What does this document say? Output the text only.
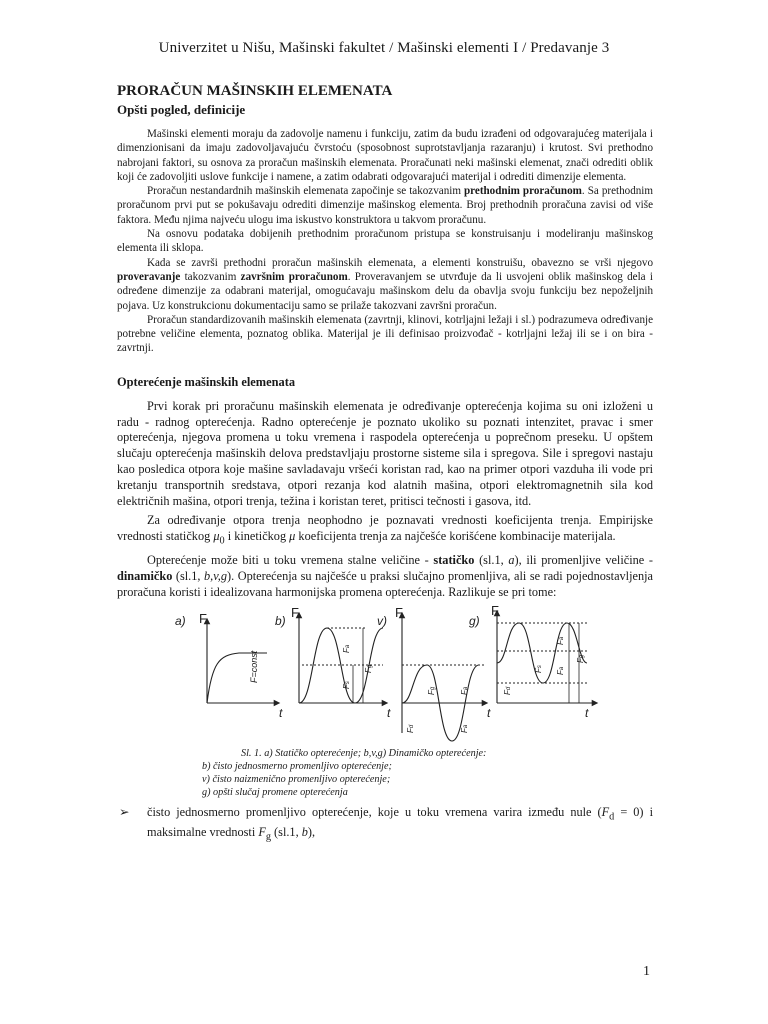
Univerzitet u Nišu, Mašinski fakultet / Mašinski elementi I / Predavanje 3
PRORAČUN MAŠINSKIH ELEMENATA
Opšti pogled, definicije

Mašinski elementi moraju da zadovolje namenu i funkciju, zatim da budu izrađeni od odgovarajućeg materijala i dimenzionisani da imaju zadovoljavajuću čvrstoću (sposobnost suprotstavljanja razaranju) i krutost. Svi prethodno nabrojani faktori, su osnova za proračun mašinskih elemenata. Proračunati neki mašinski elemenat, znači odrediti oblik koji će zadovoljiti uslove funkcije i namene, a zatim odabrati odgovarajući materijal i odrediti dimenzije elementa.

Proračun nestandardnih mašinskih elemenata započinje se takozvanim prethodnim proračunom. Sa prethodnim proračunom prvi put se pokušavaju odrediti dimenzije mašinskog elementa. Broj prethodnih proračuna zavisi od više faktora. Među njima najveću ulogu ima iskustvo konstruktora u takvom proračunu.

Na osnovu podataka dobijenih prethodnim proračunom pristupa se konstruisanju i modeliranju mašinskog elementa ili sklopa.

Kada se završi prethodni proračun mašinskih elemenata, a elementi konstruišu, obavezno se vrši njegovo proveravanje takozvanim završnim proračunom. Proveravanjem se utvrđuje da li usvojeni oblik mašinskog dela i određene dimenzije za odabrani materijal, omogućavaju mašinskom delu da obavlja svoju funkciju bez nepoželjnih pojava. Uz konstrukcionu dokumentaciju samo se prilaže takozvani završni proračun.

Proračun standardizovanih mašinskih elemenata (zavrtnji, klinovi, kotrljajni ležaji i sl.) podrazumeva određivanje potrebne veličine elementa, poznatog oblika. Materijal je ili definisao proizvođač - kotrljajni ležaj ili se i on bira - zavrtnji.

Opterećenje mašinskih elemenata

Prvi korak pri proračunu mašinskih elemenata je određivanje opterećenja kojima su oni izloženi u radu - radnog opterećenja. Radno opterećenje je poznato ukoliko su poznati intenzitet, pravac i smer opterećenja, njegova promena u toku vremena i raspodela opterećenja u poprečnom preseku. U opštem slučaju opterećenja mašinskih delova predstavljaju prostorne sisteme sila i spregova. Sile i spregovi nastaju kao posledica otpora koje mašine savladavaju vršeći koristan rad, kao na primer otpori vazduha ili vode pri kretanju transportnih sredstava, otpori rezanja kod alatnih mašina, otpori elektromagnetnih sila kod električnih mašina, otpori trenja, težina i koristan teret, pritisci tečnosti i gasova, itd.

Za određivanje otpora trenja neophodno je poznavati vrednosti koeficijenta trenja. Empirijske vrednosti statičkog $\mu_0$ i kinetičkog μ koeficijenta trenja za najčešće korišćene kombinacije materijala.

Opterećenje može biti u toku vremena stalne veličine - statičko (sl.1, a), ili promenljive veličine - dinamičko (sl.1, b,v,g). Opterećenja su najčešće u praksi slučajno promenljiva, ali se radi pojednostavljenja proračuna koristi i idealizovana harmonijska promena opterećenja. Razlikuje se pri tome:

a) F
F=const
t
b)
F
t
Fs
Fa
Fg
v)
F
t
Fg
Fd
Fa
Fa
g)
F
t
Fd
Fs
Fa
Fa
Fg
Sl. 1. a) Statičko opterećenje; b,v,g) Dinamičko opterećenje:
b) čisto jednosmerno promenljivo opterećenje;
v) čisto naizmenično promenljivo opterećenje;
g) opšti slučaj promene opterećenja
➢ čisto jednosmerno promenljivo opterećenje, koje u toku vremena varira između nule $(F_d = 0)$ i maksimalne vrednosti $F_g$ (sl.1, b),
1
